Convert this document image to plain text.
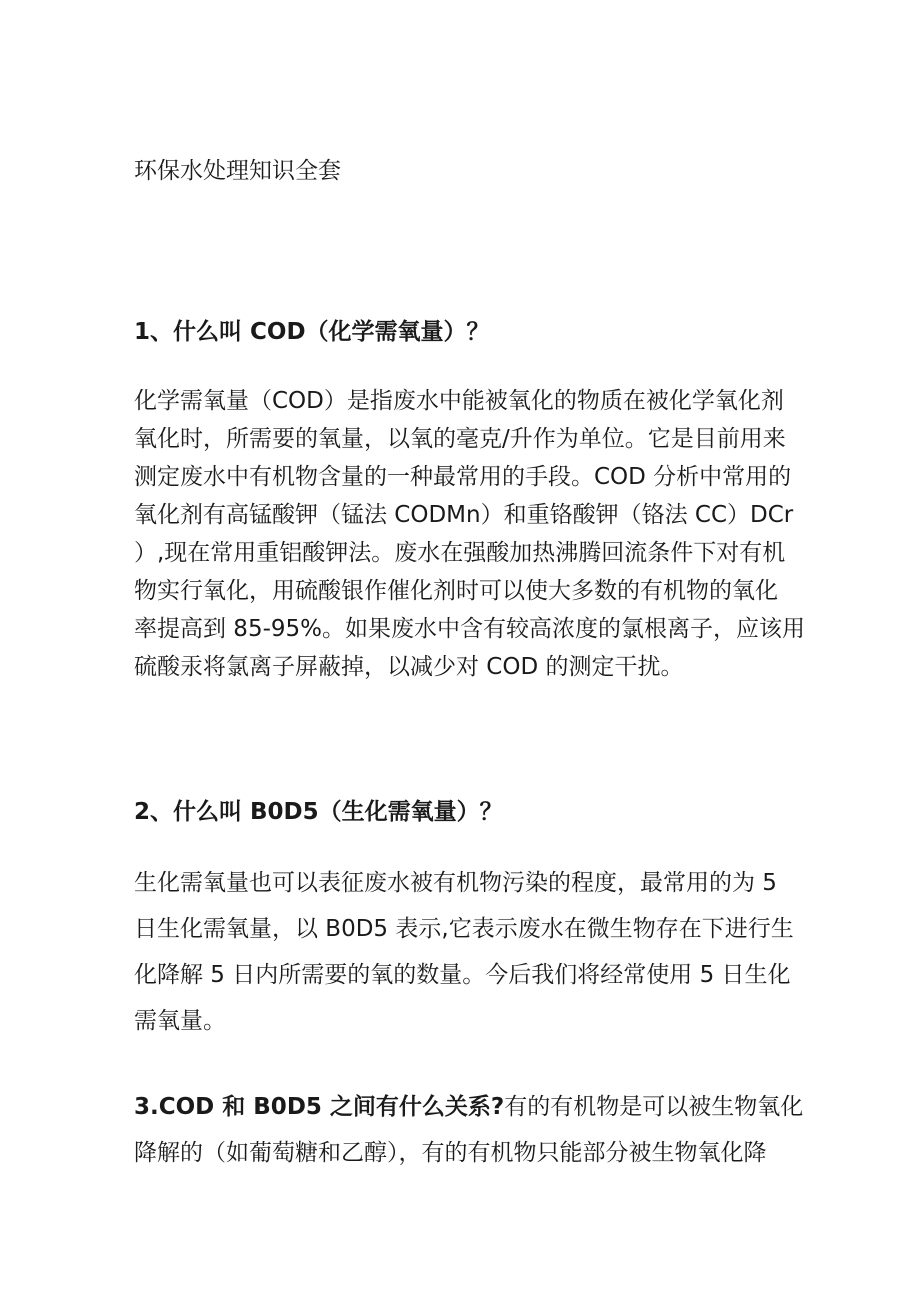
环保水处理知识全套
1、什么叫 COD（化学需氧量）？

化学需氧量（COD）是指废水中能被氧化的物质在被化学氧化剂
氧化时，所需要的氧量，以氧的毫克/升作为单位。它是目前用来
测定废水中有机物含量的一种最常用的手段。COD 分析中常用的
氧化剂有高锰酸钾（锰法 CODMn）和重铬酸钾（铬法 CC）DCr
）,现在常用重铝酸钾法。废水在强酸加热沸腾回流条件下对有机
物实行氧化，用硫酸银作催化剂时可以使大多数的有机物的氧化
率提高到 85-95%。如果废水中含有较高浓度的氯根离子，应该用
硫酸汞将氯离子屏蔽掉，以减少对 COD 的测定干扰。

2、什么叫 B0D5（生化需氧量）？

生化需氧量也可以表征废水被有机物污染的程度，最常用的为 5
日生化需氧量，以 B0D5 表示,它表示废水在微生物存在下进行生
化降解 5 日内所需要的氧的数量。今后我们将经常使用 5 日生化
需氧量。

3.COD 和 B0D5 之间有什么关系?有的有机物是可以被生物氧化
降解的（如葡萄糖和乙醇），有的有机物只能部分被生物氧化降
